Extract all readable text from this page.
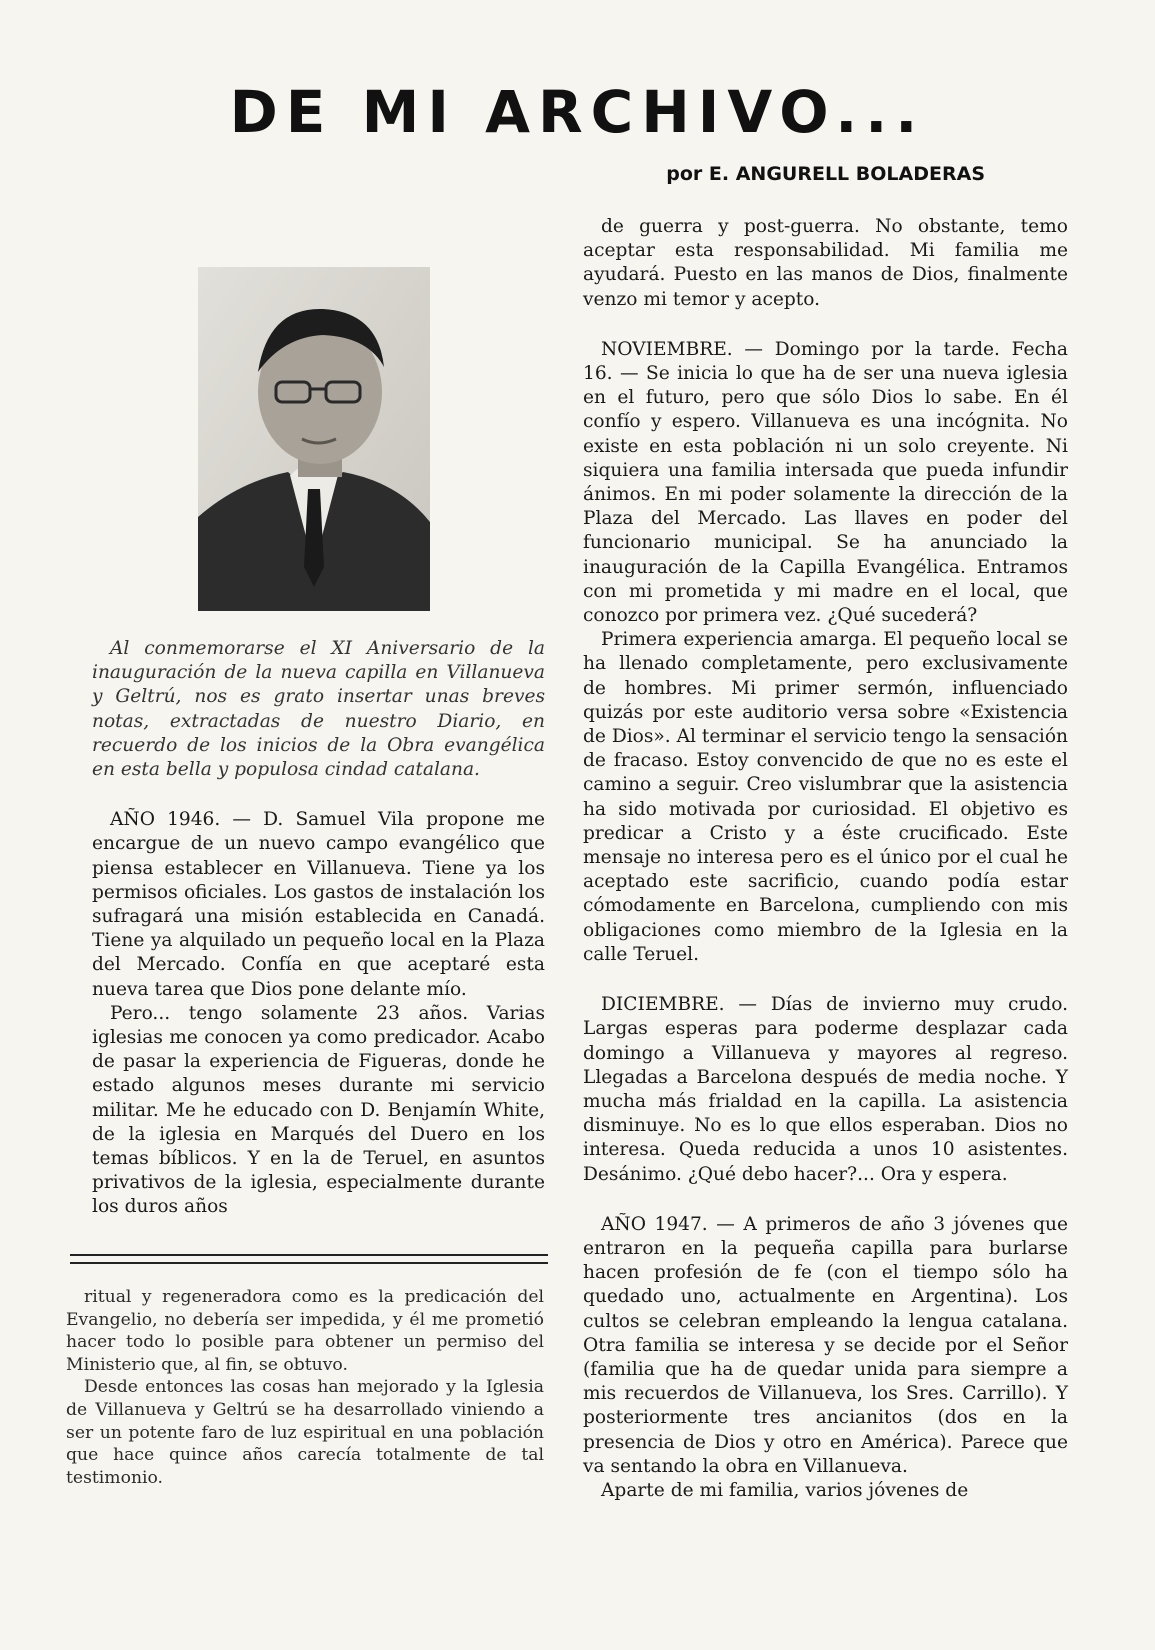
DE MI ARCHIVO...
por E. ANGURELL BOLADERAS

Al conmemorarse el XI Aniversario de la inauguración de la nueva capilla en Villanueva y Geltrú, nos es grato insertar unas breves notas, extractadas de nuestro Diario, en recuerdo de los inicios de la Obra evangélica en esta bella y populosa cindad catalana.

AÑO 1946. — D. Samuel Vila propone me encargue de un nuevo campo evangélico que piensa establecer en Villanueva. Tiene ya los permisos oficiales. Los gastos de instalación los sufragará una misión establecida en Canadá. Tiene ya alquilado un pequeño local en la Plaza del Mercado. Confía en que aceptaré esta nueva tarea que Dios pone delante mío.

Pero... tengo solamente 23 años. Varias iglesias me conocen ya como predicador. Acabo de pasar la experiencia de Figueras, donde he estado algunos meses durante mi servicio militar. Me he educado con D. Benjamín White, de la iglesia en Marqués del Duero en los temas bíblicos. Y en la de Teruel, en asuntos privativos de la iglesia, especialmente durante los duros años

ritual y regeneradora como es la predicación del Evangelio, no debería ser impedida, y él me prometió hacer todo lo posible para obtener un permiso del Ministerio que, al fin, se obtuvo.

Desde entonces las cosas han mejorado y la Iglesia de Villanueva y Geltrú se ha desarrollado viniendo a ser un potente faro de luz espiritual en una población que hace quince años carecía totalmente de tal testimonio.

de guerra y post-guerra. No obstante, temo aceptar esta responsabilidad. Mi familia me ayudará. Puesto en las manos de Dios, finalmente venzo mi temor y acepto.

NOVIEMBRE. — Domingo por la tarde. Fecha 16. — Se inicia lo que ha de ser una nueva iglesia en el futuro, pero que sólo Dios lo sabe. En él confío y espero. Villanueva es una incógnita. No existe en esta población ni un solo creyente. Ni siquiera una familia intersada que pueda infundir ánimos. En mi poder solamente la dirección de la Plaza del Mercado. Las llaves en poder del funcionario municipal. Se ha anunciado la inauguración de la Capilla Evangélica. Entramos con mi prometida y mi madre en el local, que conozco por primera vez. ¿Qué sucederá?

Primera experiencia amarga. El pequeño local se ha llenado completamente, pero exclusivamente de hombres. Mi primer sermón, influenciado quizás por este auditorio versa sobre «Existencia de Dios». Al terminar el servicio tengo la sensación de fracaso. Estoy convencido de que no es este el camino a seguir. Creo vislumbrar que la asistencia ha sido motivada por curiosidad. El objetivo es predicar a Cristo y a éste crucificado. Este mensaje no interesa pero es el único por el cual he aceptado este sacrificio, cuando podía estar cómodamente en Barcelona, cumpliendo con mis obligaciones como miembro de la Iglesia en la calle Teruel.

DICIEMBRE. — Días de invierno muy crudo. Largas esperas para poderme desplazar cada domingo a Villanueva y mayores al regreso. Llegadas a Barcelona después de media noche. Y mucha más frialdad en la capilla. La asistencia disminuye. No es lo que ellos esperaban. Dios no interesa. Queda reducida a unos 10 asistentes. Desánimo. ¿Qué debo hacer?... Ora y espera.

AÑO 1947. — A primeros de año 3 jóvenes que entraron en la pequeña capilla para burlarse hacen profesión de fe (con el tiempo sólo ha quedado uno, actualmente en Argentina). Los cultos se celebran empleando la lengua catalana. Otra familia se interesa y se decide por el Señor (familia que ha de quedar unida para siempre a mis recuerdos de Villanueva, los Sres. Carrillo). Y posteriormente tres ancianitos (dos en la presencia de Dios y otro en América). Parece que va sentando la obra en Villanueva.

Aparte de mi familia, varios jóvenes de
